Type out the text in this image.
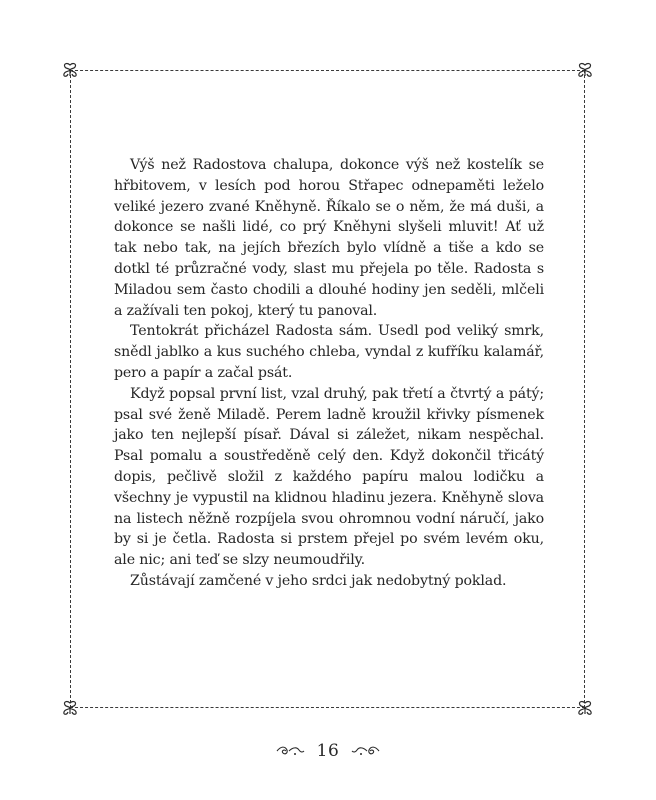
Výš než Radostova chalupa, dokonce výš než kostelík se hřbitovem, v lesích pod horou Střapec odnepaměti leželo veliké jezero zvané Kněhyně. Říkalo se o něm, že má duši, a dokonce se našli lidé, co prý Kněhyni slyšeli mluvit! Ať už tak nebo tak, na jejích březích bylo vlídně a tiše a kdo se dotkl té průzračné vody, slast mu přejela po těle. Radosta s Miladou sem často chodili a dlouhé hodiny jen seděli, mlčeli a zažívali ten pokoj, který tu panoval.

Tentokrát přicházel Radosta sám. Usedl pod veliký smrk, snědl jablko a kus suchého chleba, vyndal z kufříku kalamář, pero a papír a začal psát.

Když popsal první list, vzal druhý, pak třetí a čtvrtý a pátý; psal své ženě Miladě. Perem ladně kroužil křivky písmenek jako ten nejlepší písař. Dával si záležet, nikam nespěchal. Psal pomalu a soustředěně celý den. Když dokončil třicátý dopis, pečlivě složil z každého papíru malou lodičku a všechny je vypustil na klidnou hladinu jezera. Kněhyně slova na listech něžně rozpíjela svou ohromnou vodní náručí, jako by si je četla. Radosta si prstem přejel po svém levém oku, ale nic; ani teď se slzy neumoudřily.

Zůstávají zamčené v jeho srdci jak nedobytný poklad.

16
